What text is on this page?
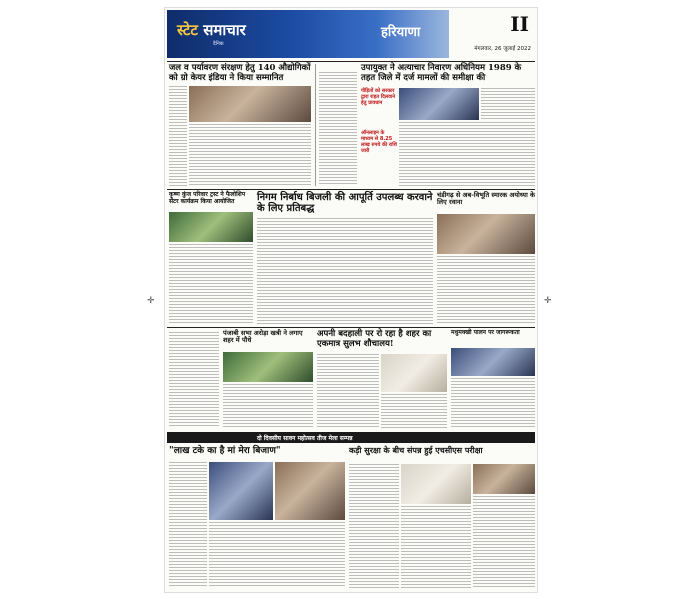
✛	✛
स्टेट समाचार
दैनिक
हरियाणा	II
मंगलवार, 26 जुलाई 2022
जल व पर्यावरण संरक्षण हेतु 140 औद्योगिकों को ग्रो केयर इंडिया ने किया सम्मानित
उपायुक्त ने अत्याचार निवारण अधिनियम 1989 के तहत जिले में दर्ज मामलों की समीक्षा की
पीड़ितों को सरकार द्वारा राहत दिलवाने हेतु प्रावधान
ऑनलाइन के माध्यम से 8.25 लाख रुपये की राशि जारी
कृष्ण कुंज परिवार ट्रस्ट ने फैलोशिप सेंटर कार्यक्रम किया आयोजित	निगम निर्बाध बिजली की आपूर्ति उपलब्ध करवाने के लिए प्रतिबद्ध
चंडीगढ़ से अब-विभूति स्मारक अयोध्या के लिए रवाना
पंजाबी सभा अरोड़ा खत्री ने लगाए शहर में पौधे
अपनी बदहाली पर रो रहा है शहर का एकमात्र सुलभ शौचालय!
मधुमक्खी पालन पर जागरूकता
दो दिवसीय सावन महोत्सव तीज मेला सम्पन्न
"लाख टके का है मां मेरा बिजाण"	कड़ी सुरक्षा के बीच संपन्न हुई एचसीएस परीक्षा
